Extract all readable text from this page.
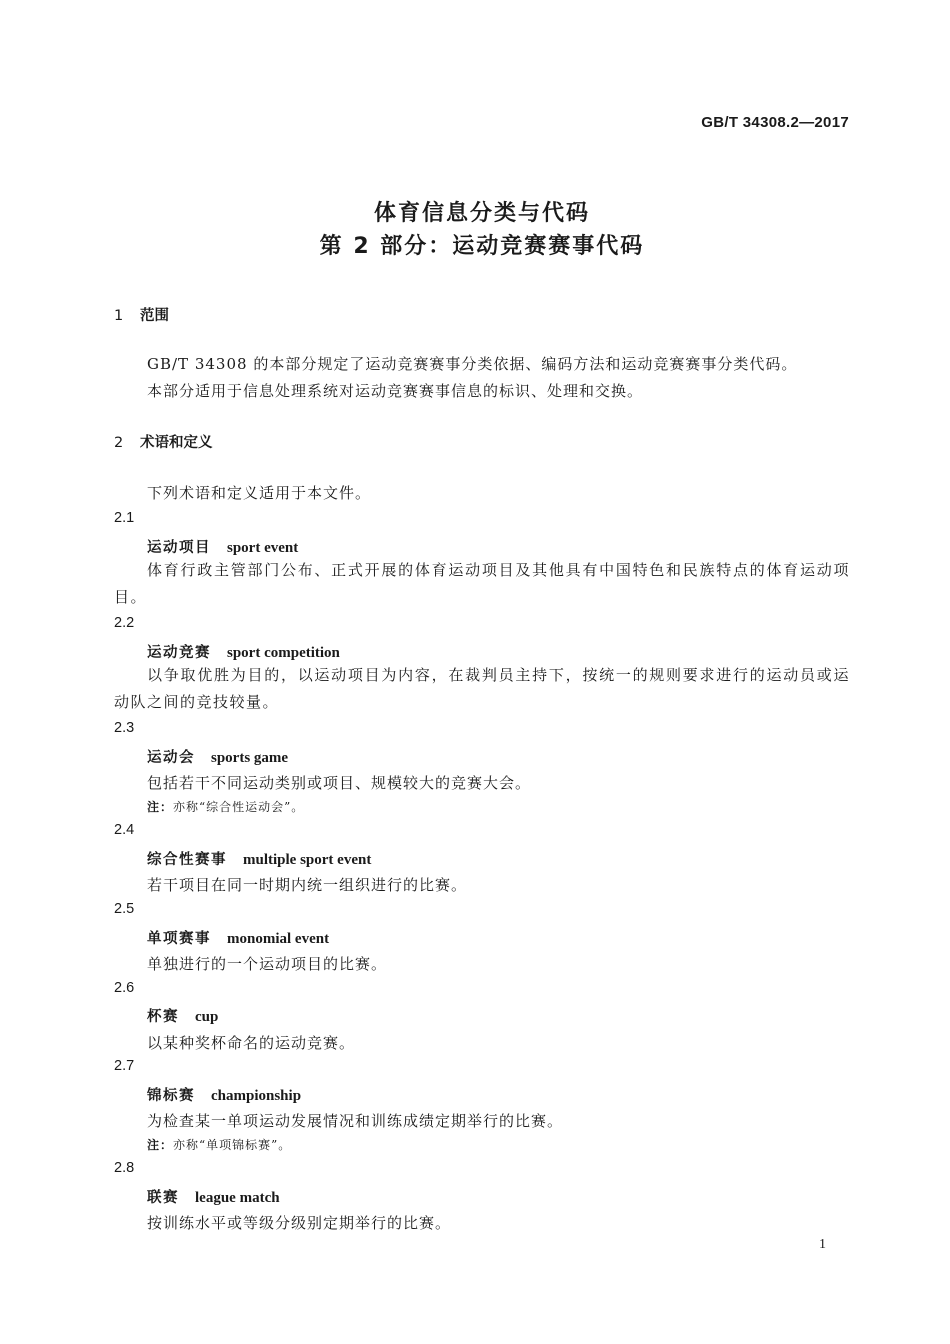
GB/T 34308.2—2017
体育信息分类与代码
第 2 部分：运动竞赛赛事代码
1 范围
GB/T 34308 的本部分规定了运动竞赛赛事分类依据、编码方法和运动竞赛赛事分类代码。
本部分适用于信息处理系统对运动竞赛赛事信息的标识、处理和交换。
2 术语和定义
下列术语和定义适用于本文件。
2.1
运动项目 sport event
体育行政主管部门公布、正式开展的体育运动项目及其他具有中国特色和民族特点的体育运动项目。
2.2
运动竞赛 sport competition
以争取优胜为目的，以运动项目为内容，在裁判员主持下，按统一的规则要求进行的运动员或运动队之间的竞技较量。
2.3
运动会 sports game
包括若干不同运动类别或项目、规模较大的竞赛大会。
注：亦称“综合性运动会”。
2.4
综合性赛事 multiple sport event
若干项目在同一时期内统一组织进行的比赛。
2.5
单项赛事 monomial event
单独进行的一个运动项目的比赛。
2.6
杯赛 cup
以某种奖杯命名的运动竞赛。
2.7
锦标赛 championship
为检查某一单项运动发展情况和训练成绩定期举行的比赛。
注：亦称“单项锦标赛”。
2.8
联赛 league match
按训练水平或等级分级别定期举行的比赛。
1
